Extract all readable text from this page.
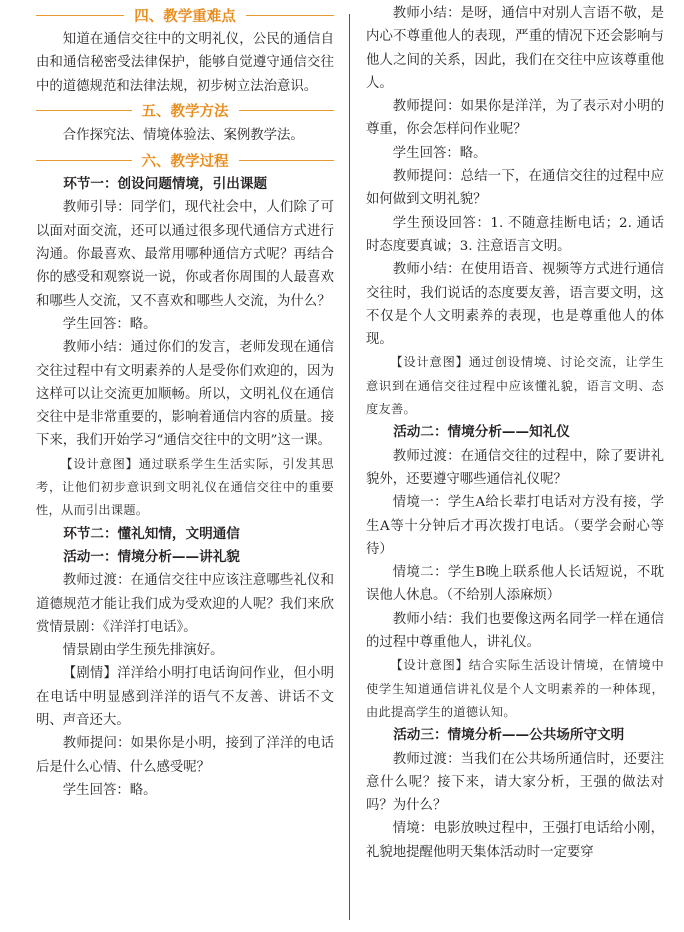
四、教学重难点

知道在通信交往中的文明礼仪，公民的通信自由和通信秘密受法律保护，能够自觉遵守通信交往中的道德规范和法律法规，初步树立法治意识。

五、教学方法

合作探究法、情境体验法、案例教学法。

六、教学过程

环节一：创设问题情境，引出课题

教师引导：同学们，现代社会中，人们除了可以面对面交流，还可以通过很多现代通信方式进行沟通。你最喜欢、最常用哪种通信方式呢？再结合你的感受和观察说一说，你或者你周围的人最喜欢和哪些人交流，又不喜欢和哪些人交流，为什么？

学生回答：略。

教师小结：通过你们的发言，老师发现在通信交往过程中有文明素养的人是受你们欢迎的，因为这样可以让交流更加顺畅。所以，文明礼仪在通信交往中是非常重要的，影响着通信内容的质量。接下来，我们开始学习“通信交往中的文明”这一课。

【设计意图】通过联系学生生活实际，引发其思考，让他们初步意识到文明礼仪在通信交往中的重要性，从而引出课题。

环节二：懂礼知情，文明通信

活动一：情境分析——讲礼貌

教师过渡：在通信交往中应该注意哪些礼仪和道德规范才能让我们成为受欢迎的人呢？我们来欣赏情景剧：《洋洋打电话》。

情景剧由学生预先排演好。

【剧情】洋洋给小明打电话询问作业，但小明在电话中明显感到洋洋的语气不友善、讲话不文明、声音还大。

教师提问：如果你是小明，接到了洋洋的电话后是什么心情、什么感受呢？

学生回答：略。

教师小结：是呀，通信中对别人言语不敬，是内心不尊重他人的表现，严重的情况下还会影响与他人之间的关系，因此，我们在交往中应该尊重他人。

教师提问：如果你是洋洋，为了表示对小明的尊重，你会怎样问作业呢？

学生回答：略。

教师提问：总结一下，在通信交往的过程中应如何做到文明礼貌？

学生预设回答：1. 不随意挂断电话；2. 通话时态度要真诚；3. 注意语言文明。

教师小结：在使用语音、视频等方式进行通信交往时，我们说话的态度要友善，语言要文明，这不仅是个人文明素养的表现，也是尊重他人的体现。

【设计意图】通过创设情境、讨论交流，让学生意识到在通信交往过程中应该懂礼貌，语言文明、态度友善。

活动二：情境分析——知礼仪

教师过渡：在通信交往的过程中，除了要讲礼貌外，还要遵守哪些通信礼仪呢？

情境一：学生A给长辈打电话对方没有接，学生A等十分钟后才再次拨打电话。（要学会耐心等待）

情境二：学生B晚上联系他人长话短说，不耽误他人休息。（不给别人添麻烦）

教师小结：我们也要像这两名同学一样在通信的过程中尊重他人，讲礼仪。

【设计意图】结合实际生活设计情境，在情境中使学生知道通信讲礼仪是个人文明素养的一种体现，由此提高学生的道德认知。

活动三：情境分析——公共场所守文明

教师过渡：当我们在公共场所通信时，还要注意什么呢？接下来，请大家分析，王强的做法对吗？为什么？

情境：电影放映过程中，王强打电话给小刚，礼貌地提醒他明天集体活动时一定要穿
